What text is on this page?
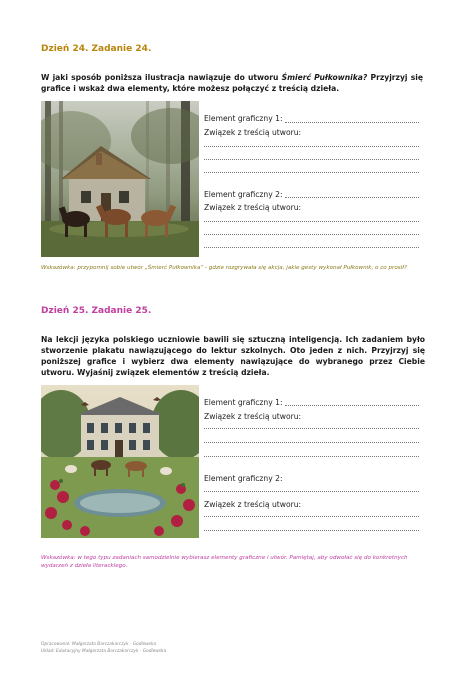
Dzień 24. Zadanie 24.
W jaki sposób poniższa ilustracja nawiązuje do utworu Śmierć Pułkownika? Przyjrzyj się grafice i wskaż dwa elementy, które możesz połączyć z treścią dzieła.
Element graficzny 1:
Związek z treścią utworu:
Element graficzny 2:
Związek z treścią utworu:
Wskazówka: przypomnij sobie utwór „Śmierć Pułkownika” - gdzie rozgrywała się akcja, jakie gesty wykonał Pułkownik, o co prosił?
Dzień 25. Zadanie 25.
Na lekcji języka polskiego uczniowie bawili się sztuczną inteligencją. Ich zadaniem było stworzenie plakatu nawiązującego do lektur szkolnych. Oto jeden z nich. Przyjrzyj się poniższej grafice i wybierz dwa elementy nawiązujące do wybranego przez Ciebie utworu. Wyjaśnij związek elementów z treścią dzieła.
Element graficzny 1:
Związek z treścią utworu:
Element graficzny 2:
Związek z treścią utworu:
Wskazówka: w tego typu zadaniach samodzielnie wybierasz elementy graficzne i utwór. Pamiętaj, aby odwołać się do konkretnych wydarzeń z dzieła literackiego.
Opracowanie: Małgorzata Barczakarczyk - Godlewska
Układ: Edukacyjny Małgorzata Barczakarczyk - Godlewska
